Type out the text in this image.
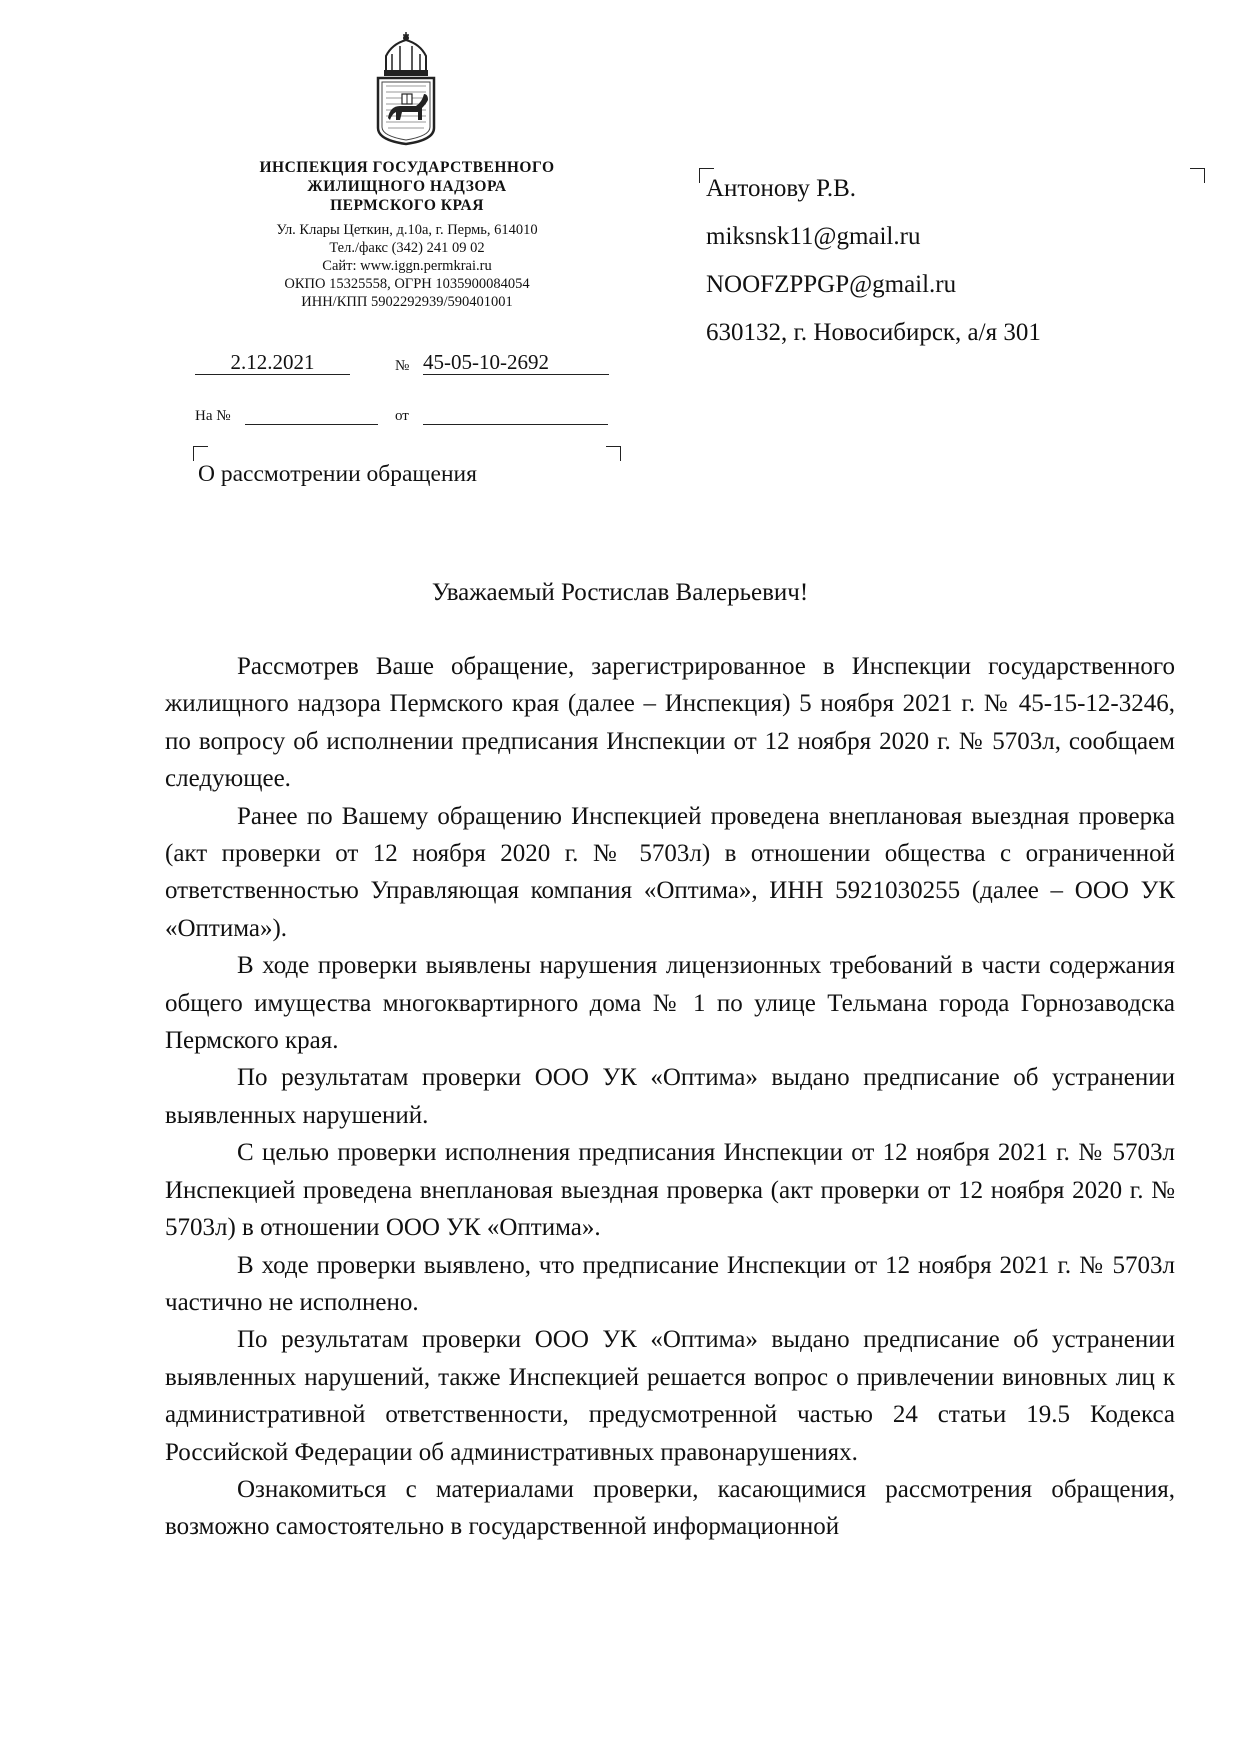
ИНСПЕКЦИЯ ГОСУДАРСТВЕННОГО
ЖИЛИЩНОГО НАДЗОРА
ПЕРМСКОГО КРАЯ
Ул. Клары Цеткин, д.10а, г. Пермь, 614010
Тел./факс (342) 241 09 02
Сайт: www.iggn.permkrai.ru
ОКПО 15325558, ОГРН 1035900084054
ИНН/КПП 5902292939/590401001
2.12.2021	№ 45-05-10-2692
На №	от
О рассмотрении обращения
Антонову Р.В.
miksnsk11@gmail.ru
NOOFZPPGP@gmail.ru
630132, г. Новосибирск, а/я 301
Уважаемый Ростислав Валерьевич!

Рассмотрев Ваше обращение, зарегистрированное в Инспекции государственного жилищного надзора Пермского края (далее – Инспекция) 5 ноября 2021 г. № 45-15-12-3246, по вопросу об исполнении предписания Инспекции от 12 ноября 2020 г. № 5703л, сообщаем следующее.

Ранее по Вашему обращению Инспекцией проведена внеплановая выездная проверка (акт проверки от 12 ноября 2020 г. № 5703л) в отношении общества с ограниченной ответственностью Управляющая компания «Оптима», ИНН 5921030255 (далее – ООО УК «Оптима»).

В ходе проверки выявлены нарушения лицензионных требований в части содержания общего имущества многоквартирного дома № 1 по улице Тельмана города Горнозаводска Пермского края.

По результатам проверки ООО УК «Оптима» выдано предписание об устранении выявленных нарушений.

С целью проверки исполнения предписания Инспекции от 12 ноября 2021 г. № 5703л Инспекцией проведена внеплановая выездная проверка (акт проверки от 12 ноября 2020 г. № 5703л) в отношении ООО УК «Оптима».

В ходе проверки выявлено, что предписание Инспекции от 12 ноября 2021 г. № 5703л частично не исполнено.

По результатам проверки ООО УК «Оптима» выдано предписание об устранении выявленных нарушений, также Инспекцией решается вопрос о привлечении виновных лиц к административной ответственности, предусмотренной частью 24 статьи 19.5 Кодекса Российской Федерации об административных правонарушениях.

Ознакомиться с материалами проверки, касающимися рассмотрения обращения, возможно самостоятельно в государственной информационной
